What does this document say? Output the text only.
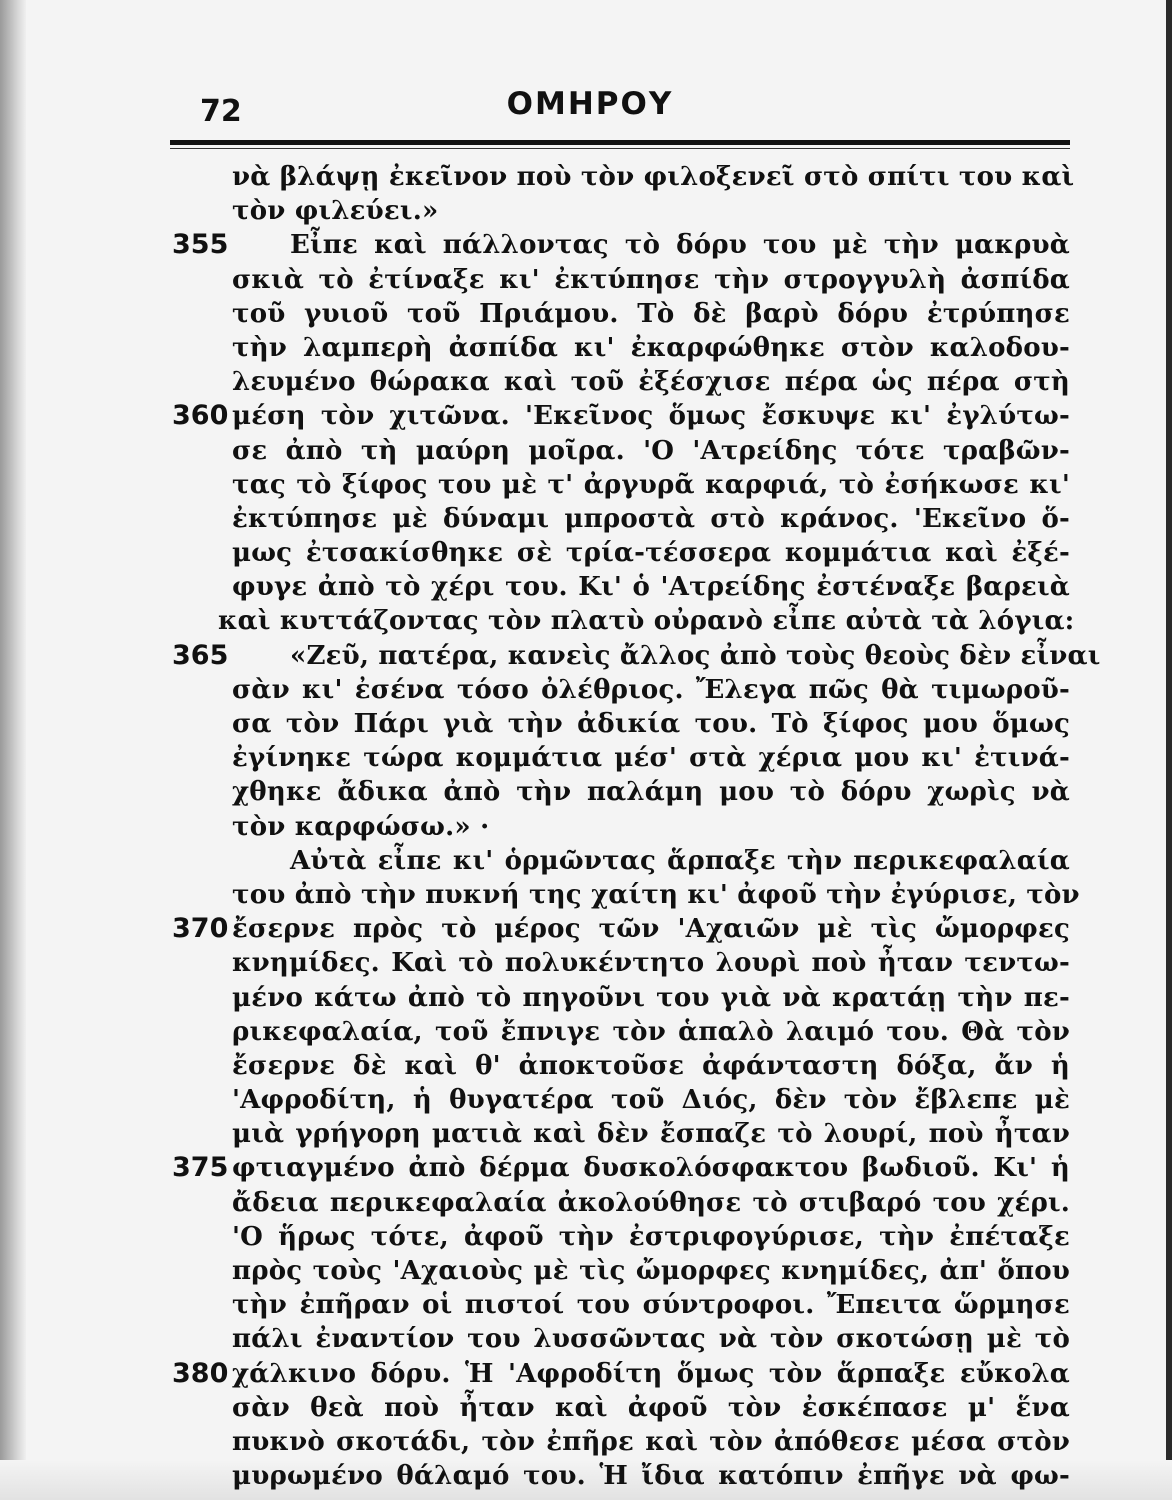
72	ΟΜΗΡΟΥ
νὰ βλάψῃ ἐκεῖνον ποὺ τὸν φιλοξενεῖ στὸ σπίτι του καὶ
τὸν φιλεύει.»
355 Εἶπε καὶ πάλλοντας τὸ δόρυ του μὲ τὴν μακρυὰ
σκιὰ τὸ ἐτίναξε κι' ἐκτύπησε τὴν στρογγυλὴ ἀσπίδα
τοῦ γυιοῦ τοῦ Πριάμου. Τὸ δὲ βαρὺ δόρυ ἐτρύπησε
τὴν λαμπερὴ ἀσπίδα κι' ἐκαρφώθηκε στὸν καλοδου-
λευμένο θώρακα καὶ τοῦ ἐξέσχισε πέρα ὡς πέρα στὴ
360 μέση τὸν χιτῶνα. 'Εκεῖνος ὅμως ἔσκυψε κι' ἐγλύτω-
σε ἀπὸ τὴ μαύρη μοῖρα. 'Ο 'Ατρείδης τότε τραβῶν-
τας τὸ ξίφος του μὲ τ' ἀργυρᾶ καρφιά, τὸ ἐσήκωσε κι'
ἐκτύπησε μὲ δύναμι μπροστὰ στὸ κράνος. 'Εκεῖνο ὅ-
μως ἐτσακίσθηκε σὲ τρία-τέσσερα κομμάτια καὶ ἐξέ-
φυγε ἀπὸ τὸ χέρι του. Κι' ὁ 'Ατρείδης ἐστέναξε βαρειὰ
καὶ κυττάζοντας τὸν πλατὺ οὐρανὸ εἶπε αὐτὰ τὰ λόγια:
365 «Ζεῦ, πατέρα, κανεὶς ἄλλος ἀπὸ τοὺς θεοὺς δὲν εἶναι
σὰν κι' ἐσένα τόσο ὀλέθριος. Ἔλεγα πῶς θὰ τιμωροῦ-
σα τὸν Πάρι γιὰ τὴν ἀδικία του. Τὸ ξίφος μου ὅμως
ἐγίνηκε τώρα κομμάτια μέσ' στὰ χέρια μου κι' ἐτινά-
χθηκε ἄδικα ἀπὸ τὴν παλάμη μου τὸ δόρυ χωρὶς νὰ
τὸν καρφώσω.» ·
Αὐτὰ εἶπε κι' ὁρμῶντας ἅρπαξε τὴν περικεφαλαία
του ἀπὸ τὴν πυκνή της χαίτη κι' ἀφοῦ τὴν ἐγύρισε, τὸν
370 ἔσερνε πρὸς τὸ μέρος τῶν 'Αχαιῶν μὲ τὶς ὤμορφες
κνημίδες. Καὶ τὸ πολυκέντητο λουρὶ ποὺ ἦταν τεντω-
μένο κάτω ἀπὸ τὸ πηγοῦνι του γιὰ νὰ κρατάῃ τὴν πε-
ρικεφαλαία, τοῦ ἔπνιγε τὸν ἁπαλὸ λαιμό του. Θὰ τὸν
ἔσερνε δὲ καὶ θ' ἀποκτοῦσε ἀφάνταστη δόξα, ἄν ἡ
'Αφροδίτη, ἡ θυγατέρα τοῦ Διός, δὲν τὸν ἔβλεπε μὲ
μιὰ γρήγορη ματιὰ καὶ δὲν ἔσπαζε τὸ λουρί, ποὺ ἦταν
375 φτιαγμένο ἀπὸ δέρμα δυσκολόσφακτου βωδιοῦ. Κι' ἡ
ἄδεια περικεφαλαία ἀκολούθησε τὸ στιβαρό του χέρι.
'Ο ἥρως τότε, ἀφοῦ τὴν ἐστριφογύρισε, τὴν ἐπέταξε
πρὸς τοὺς 'Αχαιοὺς μὲ τὶς ὤμορφες κνημίδες, ἀπ' ὅπου
τὴν ἐπῆραν οἱ πιστοί του σύντροφοι. Ἔπειτα ὥρμησε
πάλι ἐναντίον του λυσσῶντας νὰ τὸν σκοτώσῃ μὲ τὸ
380 χάλκινο δόρυ. Ἡ 'Αφροδίτη ὅμως τὸν ἅρπαξε εὔκολα
σὰν θεὰ ποὺ ἦταν καὶ ἀφοῦ τὸν ἐσκέπασε μ' ἕνα
πυκνὸ σκοτάδι, τὸν ἐπῆρε καὶ τὸν ἀπόθεσε μέσα στὸν
μυρωμένο θάλαμό του. Ἡ ἴδια κατόπιν ἐπῆγε νὰ φω-
